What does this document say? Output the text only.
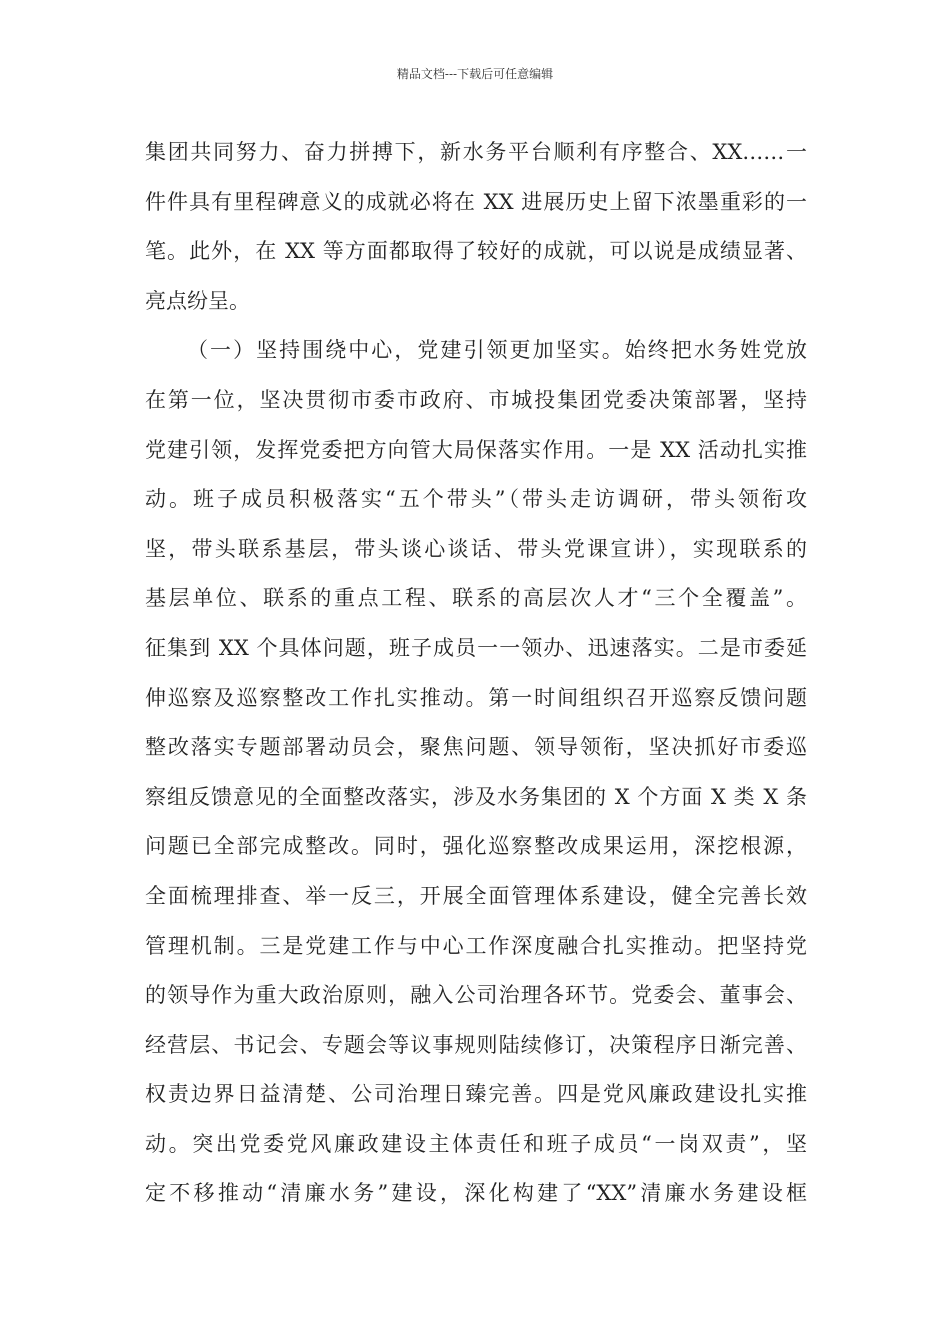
精品文档---下载后可任意编辑
集团共同努力、奋力拼搏下，新水务平台顺利有序整合、XX……一
件件具有里程碑意义的成就必将在 XX 进展历史上留下浓墨重彩的一
笔。此外，在 XX 等方面都取得了较好的成就，可以说是成绩显著、
亮点纷呈。
（一）坚持围绕中心，党建引领更加坚实。始终把水务姓党放
在第一位，坚决贯彻市委市政府、市城投集团党委决策部署，坚持
党建引领，发挥党委把方向管大局保落实作用。一是 XX 活动扎实推
动。班子成员积极落实“五个带头”（带头走访调研，带头领衔攻
坚，带头联系基层，带头谈心谈话、带头党课宣讲），实现联系的
基层单位、联系的重点工程、联系的高层次人才“三个全覆盖”。
征集到 XX 个具体问题，班子成员一一领办、迅速落实。二是市委延
伸巡察及巡察整改工作扎实推动。第一时间组织召开巡察反馈问题
整改落实专题部署动员会，聚焦问题、领导领衔，坚决抓好市委巡
察组反馈意见的全面整改落实，涉及水务集团的 X 个方面 X 类 X 条
问题已全部完成整改。同时，强化巡察整改成果运用，深挖根源，
全面梳理排查、举一反三，开展全面管理体系建设，健全完善长效
管理机制。三是党建工作与中心工作深度融合扎实推动。把坚持党
的领导作为重大政治原则，融入公司治理各环节。党委会、董事会、
经营层、书记会、专题会等议事规则陆续修订，决策程序日渐完善、
权责边界日益清楚、公司治理日臻完善。四是党风廉政建设扎实推
动。突出党委党风廉政建设主体责任和班子成员“一岗双责”，坚
定不移推动“清廉水务”建设，深化构建了“XX”清廉水务建设框
